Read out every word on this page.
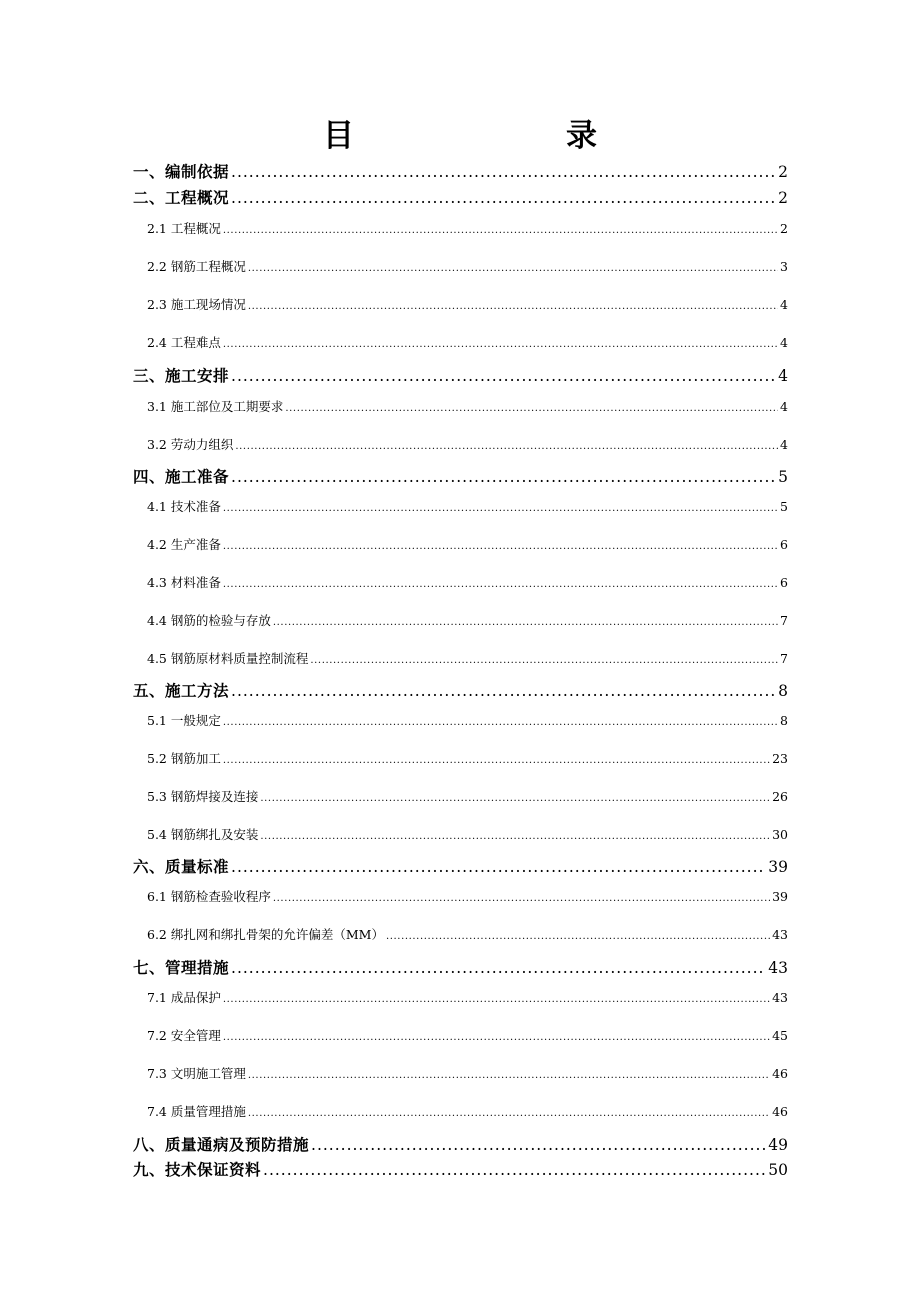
目　　录
一、编制依据 .....	2
二、工程概况 .....	2
2.1 工程概况 .....	2
2.2 钢筋工程概况 .....	3
2.3 施工现场情况 .....	4
2.4 工程难点 .....	4
三、施工安排 .....	4
3.1 施工部位及工期要求 .....	4
3.2 劳动力组织 .....	4
四、施工准备 .....	5
4.1 技术准备 .....	5
4.2 生产准备 .....	6
4.3 材料准备 .....	6
4.4 钢筋的检验与存放 .....	7
4.5 钢筋原材料质量控制流程 .....	7
五、施工方法 .....	8
5.1 一般规定 .....	8
5.2 钢筋加工 .....	23
5.3 钢筋焊接及连接 .....	26
5.4 钢筋绑扎及安装 .....	30
六、质量标准 .....	39
6.1 钢筋检查验收程序 .....	39
6.2 绑扎网和绑扎骨架的允许偏差（MM） .....	43
七、管理措施 .....	43
7.1 成品保护 .....	43
7.2 安全管理 .....	45
7.3 文明施工管理 .....	46
7.4 质量管理措施 .....	46
八、质量通病及预防措施 .....	49
九、技术保证资料 .....	50
